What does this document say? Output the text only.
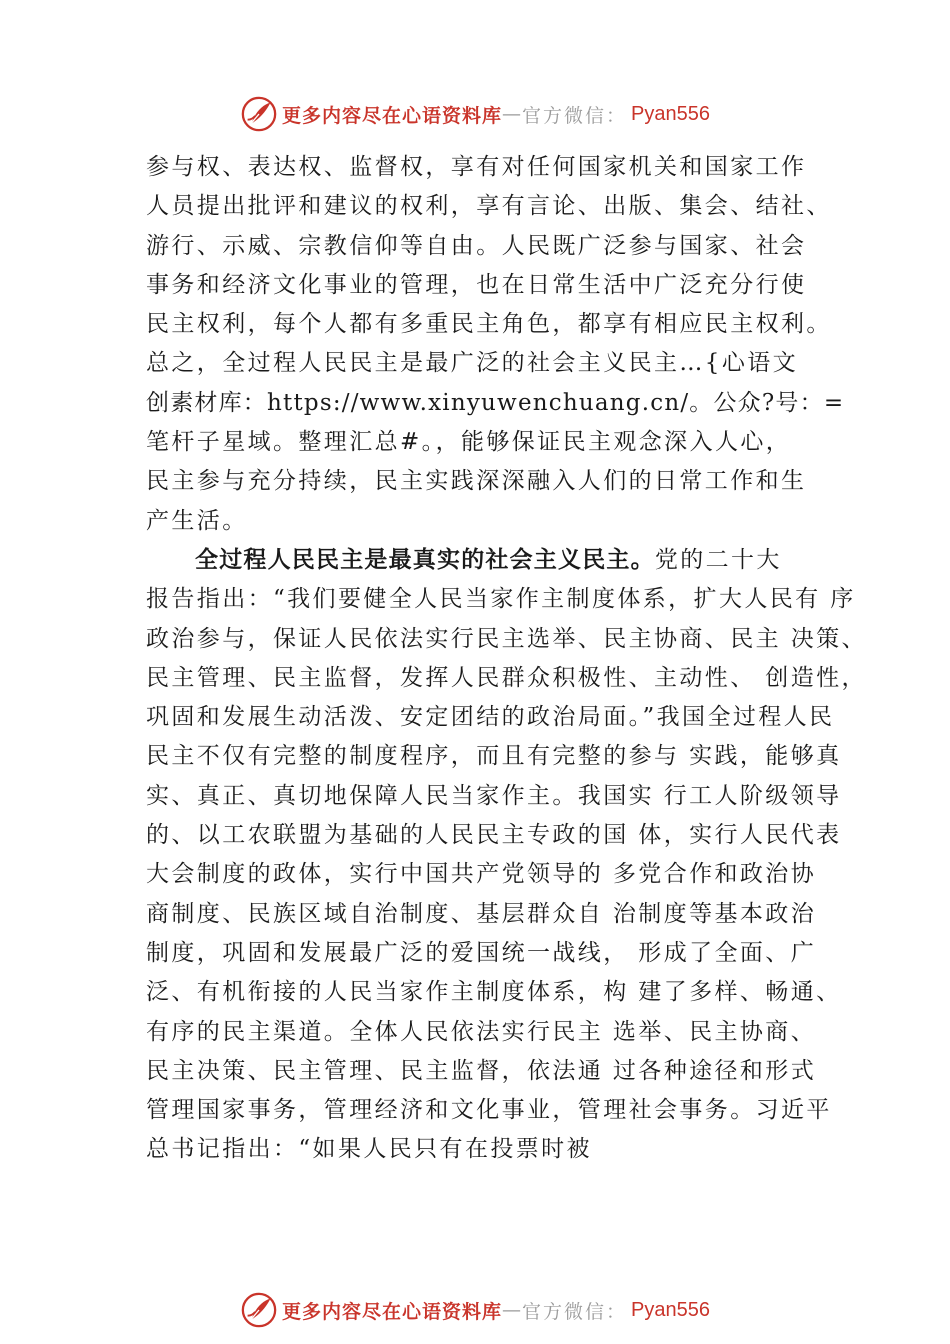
更多内容尽在心语资料库 — 官方微信： Pyan556
参与权、表达权、监督权，享有对任何国家机关和国家工作
人员提出批评和建议的权利，享有言论、出版、集会、结社、
游行、示威、宗教信仰等自由。人民既广泛参与国家、社会
事务和经济文化事业的管理，也在日常生活中广泛充分行使
民主权利，每个人都有多重民主角色，都享有相应民主权利。
总之，全过程人民民主是最广泛的社会主义民主…{心语文
创素材库：https://www.xinyuwenchuang.cn/。公众?号：=
笔杆子星域。整理汇总#。，能够保证民主观念深入人心，
民主参与充分持续，民主实践深深融入人们的日常工作和生
产生活。
全过程人民民主是最真实的社会主义民主。党的二十大
报告指出：“我们要健全人民当家作主制度体系，扩大人民有 序
政治参与，保证人民依法实行民主选举、民主协商、民主 决策、
民主管理、民主监督，发挥人民群众积极性、主动性、 创造性，
巩固和发展生动活泼、安定团结的政治局面。”我国全过程人民
民主不仅有完整的制度程序，而且有完整的参与 实践，能够真
实、真正、真切地保障人民当家作主。我国实 行工人阶级领导
的、以工农联盟为基础的人民民主专政的国 体，实行人民代表
大会制度的政体，实行中国共产党领导的 多党合作和政治协
商制度、民族区域自治制度、基层群众自 治制度等基本政治
制度，巩固和发展最广泛的爱国统一战线， 形成了全面、广
泛、有机衔接的人民当家作主制度体系，构 建了多样、畅通、
有序的民主渠道。全体人民依法实行民主 选举、民主协商、
民主决策、民主管理、民主监督，依法通 过各种途径和形式
管理国家事务，管理经济和文化事业，管理社会事务。习近平
总书记指出：“如果人民只有在投票时被
更多内容尽在心语资料库 — 官方微信： Pyan556
